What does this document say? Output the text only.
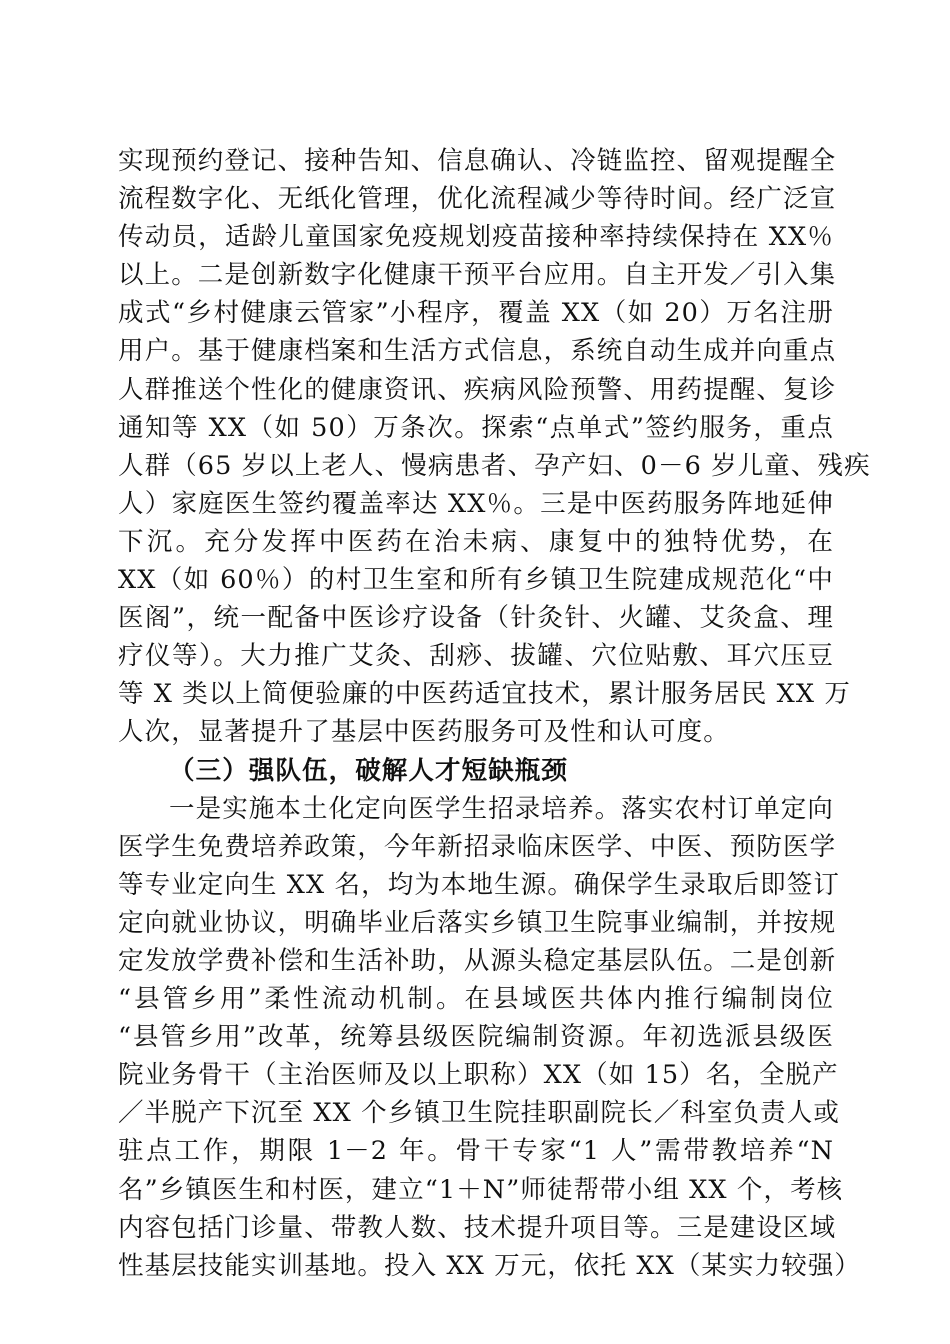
实现预约登记、接种告知、信息确认、冷链监控、留观提醒全
流程数字化、无纸化管理，优化流程减少等待时间。经广泛宣
传动员，适龄儿童国家免疫规划疫苗接种率持续保持在 XX％
以上。二是创新数字化健康干预平台应用。自主开发／引入集
成式“乡村健康云管家”小程序，覆盖 XX（如 20）万名注册
用户。基于健康档案和生活方式信息，系统自动生成并向重点
人群推送个性化的健康资讯、疾病风险预警、用药提醒、复诊
通知等 XX（如 50）万条次。探索“点单式”签约服务，重点
人群（65 岁以上老人、慢病患者、孕产妇、0－6 岁儿童、残疾
人）家庭医生签约覆盖率达 XX％。三是中医药服务阵地延伸
下沉。充分发挥中医药在治未病、康复中的独特优势，在
XX（如 60％）的村卫生室和所有乡镇卫生院建成规范化“中
医阁”，统一配备中医诊疗设备（针灸针、火罐、艾灸盒、理
疗仪等）。大力推广艾灸、刮痧、拔罐、穴位贴敷、耳穴压豆
等 X 类以上简便验廉的中医药适宜技术，累计服务居民 XX 万
人次，显著提升了基层中医药服务可及性和认可度。
（三）强队伍，破解人才短缺瓶颈
一是实施本土化定向医学生招录培养。落实农村订单定向
医学生免费培养政策，今年新招录临床医学、中医、预防医学
等专业定向生 XX 名，均为本地生源。确保学生录取后即签订
定向就业协议，明确毕业后落实乡镇卫生院事业编制，并按规
定发放学费补偿和生活补助，从源头稳定基层队伍。二是创新
“县管乡用”柔性流动机制。在县域医共体内推行编制岗位
“县管乡用”改革，统筹县级医院编制资源。年初选派县级医
院业务骨干（主治医师及以上职称）XX（如 15）名，全脱产
／半脱产下沉至 XX 个乡镇卫生院挂职副院长／科室负责人或
驻点工作，期限 1－2 年。骨干专家“1 人”需带教培养“N
名”乡镇医生和村医，建立“1＋N”师徒帮带小组 XX 个，考核
内容包括门诊量、带教人数、技术提升项目等。三是建设区域
性基层技能实训基地。投入 XX 万元，依托 XX（某实力较强）
